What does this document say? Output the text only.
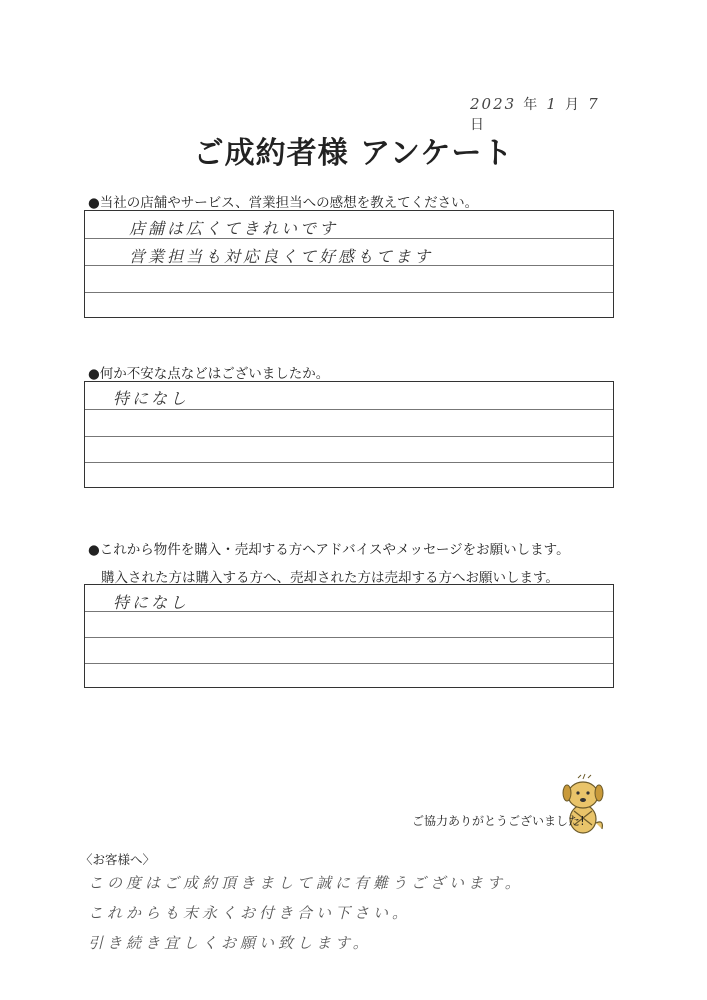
2023 年 1 月 7 日
ご成約者様 アンケート
●当社の店舗やサービス、営業担当への感想を教えてください。
店舗は広くてきれいです
営業担当も対応良くて好感もてます
●何か不安な点などはございましたか。
特になし
●これから物件を購入・売却する方へアドバイスやメッセージをお願いします。
購入された方は購入する方へ、売却された方は売却する方へお願いします。
特になし
ご協力ありがとうございました!
〈お客様へ〉
この度はご成約頂きまして誠に有難うございます。
これからも末永くお付き合い下さい。
引き続き宜しくお願い致します。
